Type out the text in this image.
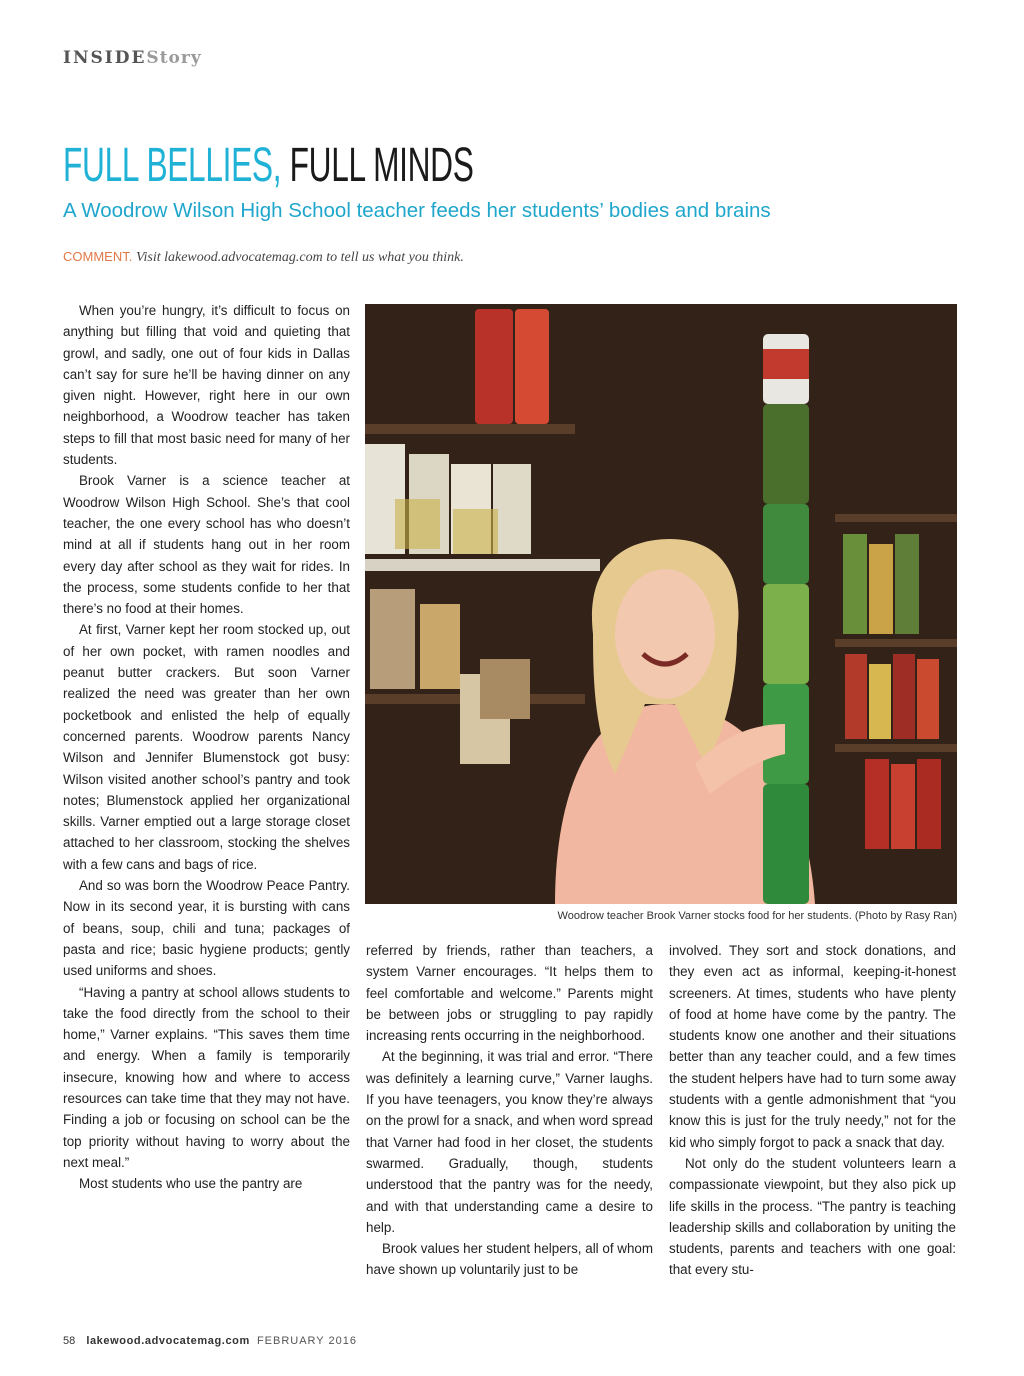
INSIDEStory
FULL BELLIES, FULL MINDS
A Woodrow Wilson High School teacher feeds her students’ bodies and brains
COMMENT. Visit lakewood.advocatemag.com to tell us what you think.

When you’re hungry, it’s difficult to focus on anything but filling that void and quieting that growl, and sadly, one out of four kids in Dallas can’t say for sure he’ll be having dinner on any given night. However, right here in our own neighborhood, a Woodrow teacher has taken steps to fill that most basic need for many of her students.

Brook Varner is a science teacher at Woodrow Wilson High School. She’s that cool teacher, the one every school has who doesn’t mind at all if students hang out in her room every day after school as they wait for rides. In the process, some students confide to her that there’s no food at their homes.

At first, Varner kept her room stocked up, out of her own pocket, with ramen noodles and peanut butter crackers. But soon Varner realized the need was greater than her own pocketbook and enlisted the help of equally concerned parents. Woodrow parents Nancy Wilson and Jennifer Blumenstock got busy: Wilson visited another school’s pantry and took notes; Blumenstock applied her organizational skills. Varner emptied out a large storage closet attached to her classroom, stocking the shelves with a few cans and bags of rice.

And so was born the Woodrow Peace Pantry. Now in its second year, it is bursting with cans of beans, soup, chili and tuna; packages of pasta and rice; basic hygiene products; gently used uniforms and shoes.

“Having a pantry at school allows students to take the food directly from the school to their home,” Varner explains. “This saves them time and energy. When a family is temporarily insecure, knowing how and where to access resources can take time that they may not have. Finding a job or focusing on school can be the top priority without having to worry about the next meal.”

Most students who use the pantry are

Woodrow teacher Brook Varner stocks food for her students. (Photo by Rasy Ran)

referred by friends, rather than teachers, a system Varner encourages. “It helps them to feel comfortable and welcome.” Parents might be between jobs or struggling to pay rapidly increasing rents occurring in the neighborhood.

At the beginning, it was trial and error. “There was definitely a learning curve,” Varner laughs. If you have teenagers, you know they’re always on the prowl for a snack, and when word spread that Varner had food in her closet, the students swarmed. Gradually, though, students understood that the pantry was for the needy, and with that understanding came a desire to help.

Brook values her student helpers, all of whom have shown up voluntarily just to be

involved. They sort and stock donations, and they even act as informal, keeping-it-honest screeners. At times, students who have plenty of food at home have come by the pantry. The students know one another and their situations better than any teacher could, and a few times the student helpers have had to turn some away students with a gentle admonishment that “you know this is just for the truly needy,” not for the kid who simply forgot to pack a snack that day.

Not only do the student volunteers learn a compassionate viewpoint, but they also pick up life skills in the process. “The pantry is teaching leadership skills and collaboration by uniting the students, parents and teachers with one goal: that every stu-

58 lakewood.advocatemag.com FEBRUARY 2016
